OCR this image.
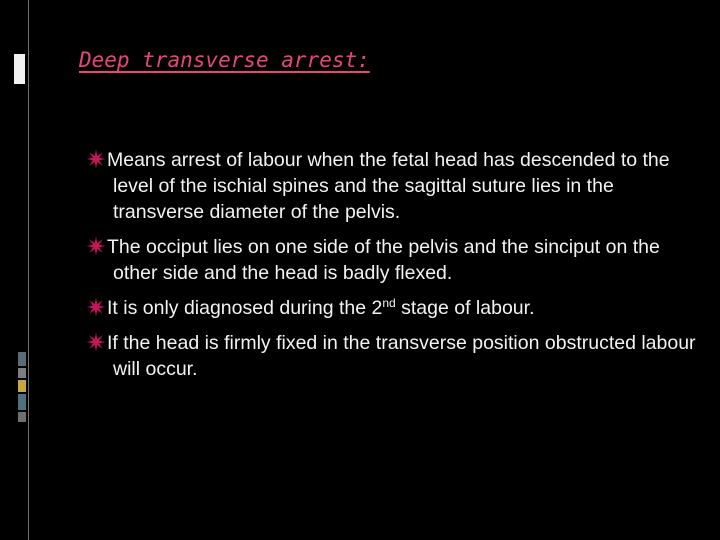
Deep transverse arrest:
Means arrest of labour when the fetal head has descended to the level of the ischial spines and the sagittal suture lies in the transverse diameter of the pelvis.
The occiput lies on one side of the pelvis and the sinciput on the other side and the head is badly flexed.
It is only diagnosed during the 2nd stage of labour.
If the head is firmly fixed in the transverse position obstructed labour will occur.
